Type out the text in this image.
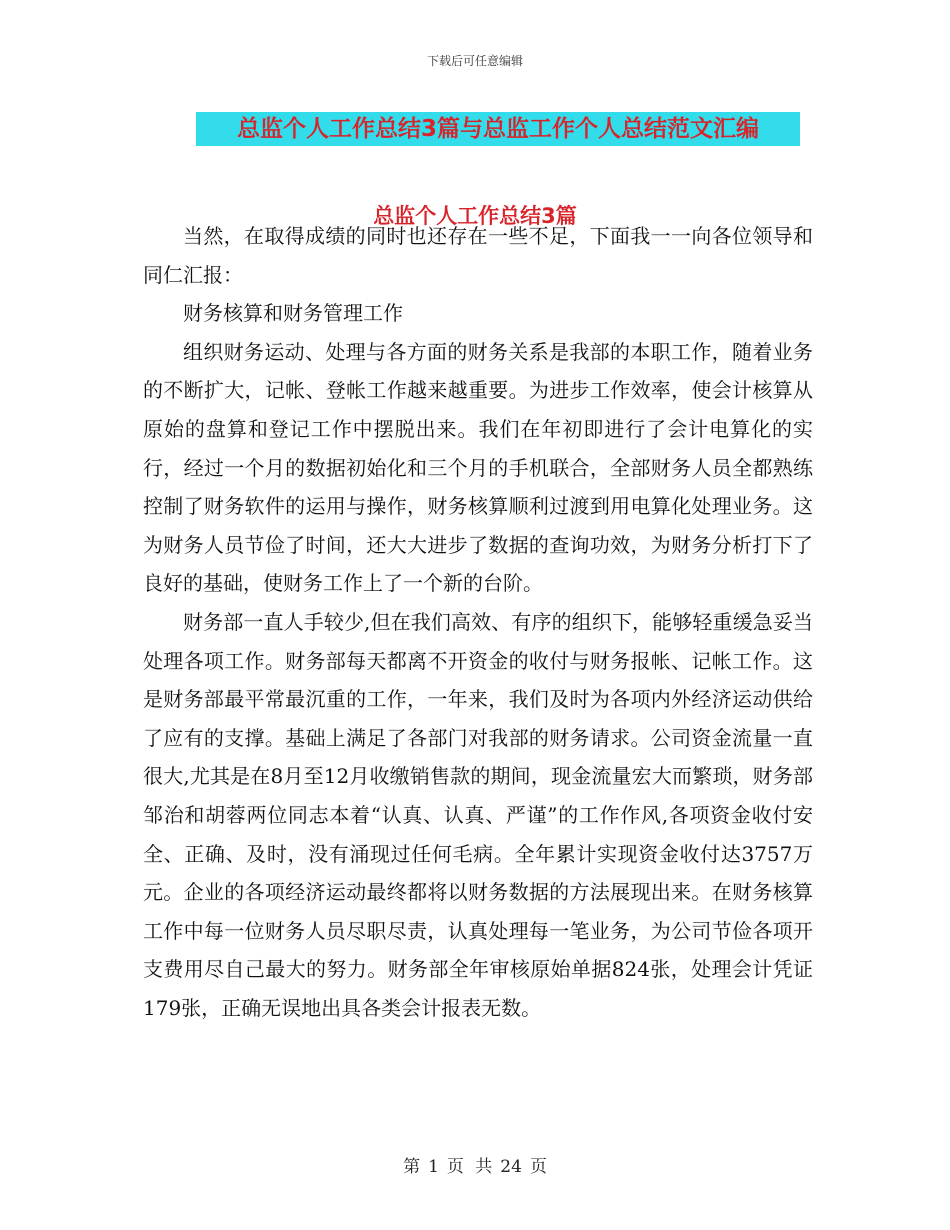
下载后可任意编辑
总监个人工作总结3篇与总监工作个人总结范文汇编
总监个人工作总结3篇

当然，在取得成绩的同时也还存在一些不足，下面我一一向各位领导和同仁汇报：

财务核算和财务管理工作

组织财务运动、处理与各方面的财务关系是我部的本职工作，随着业务的不断扩大，记帐、登帐工作越来越重要。为进步工作效率，使会计核算从原始的盘算和登记工作中摆脱出来。我们在年初即进行了会计电算化的实行，经过一个月的数据初始化和三个月的手机联合，全部财务人员全都熟练控制了财务软件的运用与操作，财务核算顺利过渡到用电算化处理业务。这为财务人员节俭了时间，还大大进步了数据的查询功效，为财务分析打下了良好的基础，使财务工作上了一个新的台阶。

财务部一直人手较少,但在我们高效、有序的组织下，能够轻重缓急妥当处理各项工作。财务部每天都离不开资金的收付与财务报帐、记帐工作。这是财务部最平常最沉重的工作，一年来，我们及时为各项内外经济运动供给了应有的支撑。基础上满足了各部门对我部的财务请求。公司资金流量一直很大,尤其是在8月至12月收缴销售款的期间，现金流量宏大而繁琐，财务部邹治和胡蓉两位同志本着“认真、认真、严谨”的工作作风,各项资金收付安全、正确、及时，没有涌现过任何毛病。全年累计实现资金收付达3757万元。企业的各项经济运动最终都将以财务数据的方法展现出来。在财务核算工作中每一位财务人员尽职尽责，认真处理每一笔业务，为公司节俭各项开支费用尽自己最大的努力。财务部全年审核原始单据824张，处理会计凭证179张，正确无误地出具各类会计报表无数。

第 1 页 共 24 页
